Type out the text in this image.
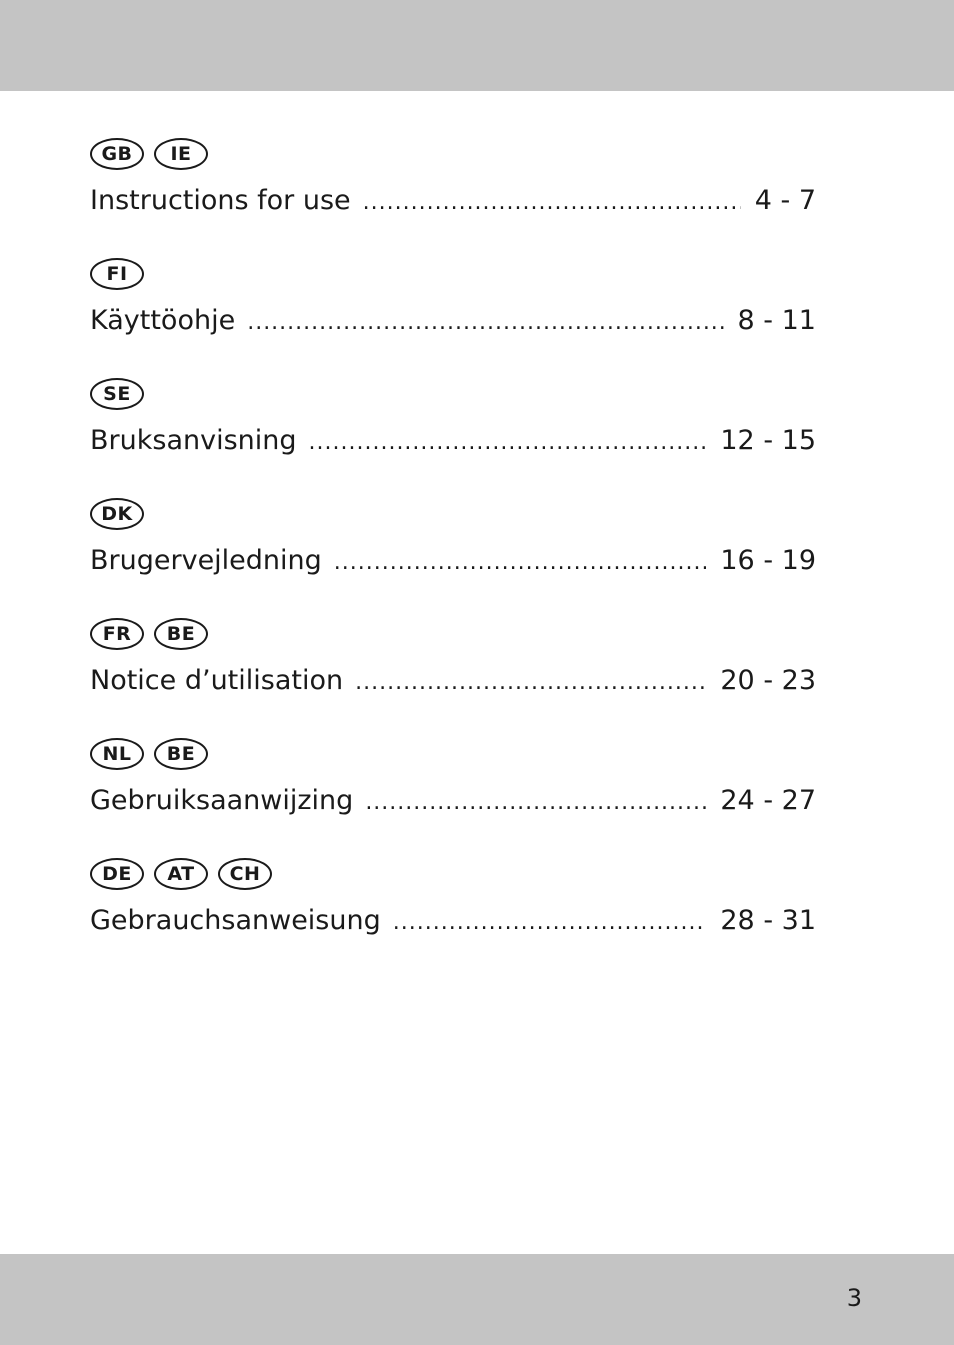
GB	IE
Instructions for use .....	4 - 7
FI
Käyttöohje .....	8 - 11
SE
Bruksanvisning .....	12 - 15
DK
Brugervejledning .....	16 - 19
FR	BE
Notice d’utilisation .....	20 - 23
NL	BE
Gebruiksaanwijzing .....	24 - 27
DE	AT	CH
Gebrauchsanweisung .....	28 - 31
3
